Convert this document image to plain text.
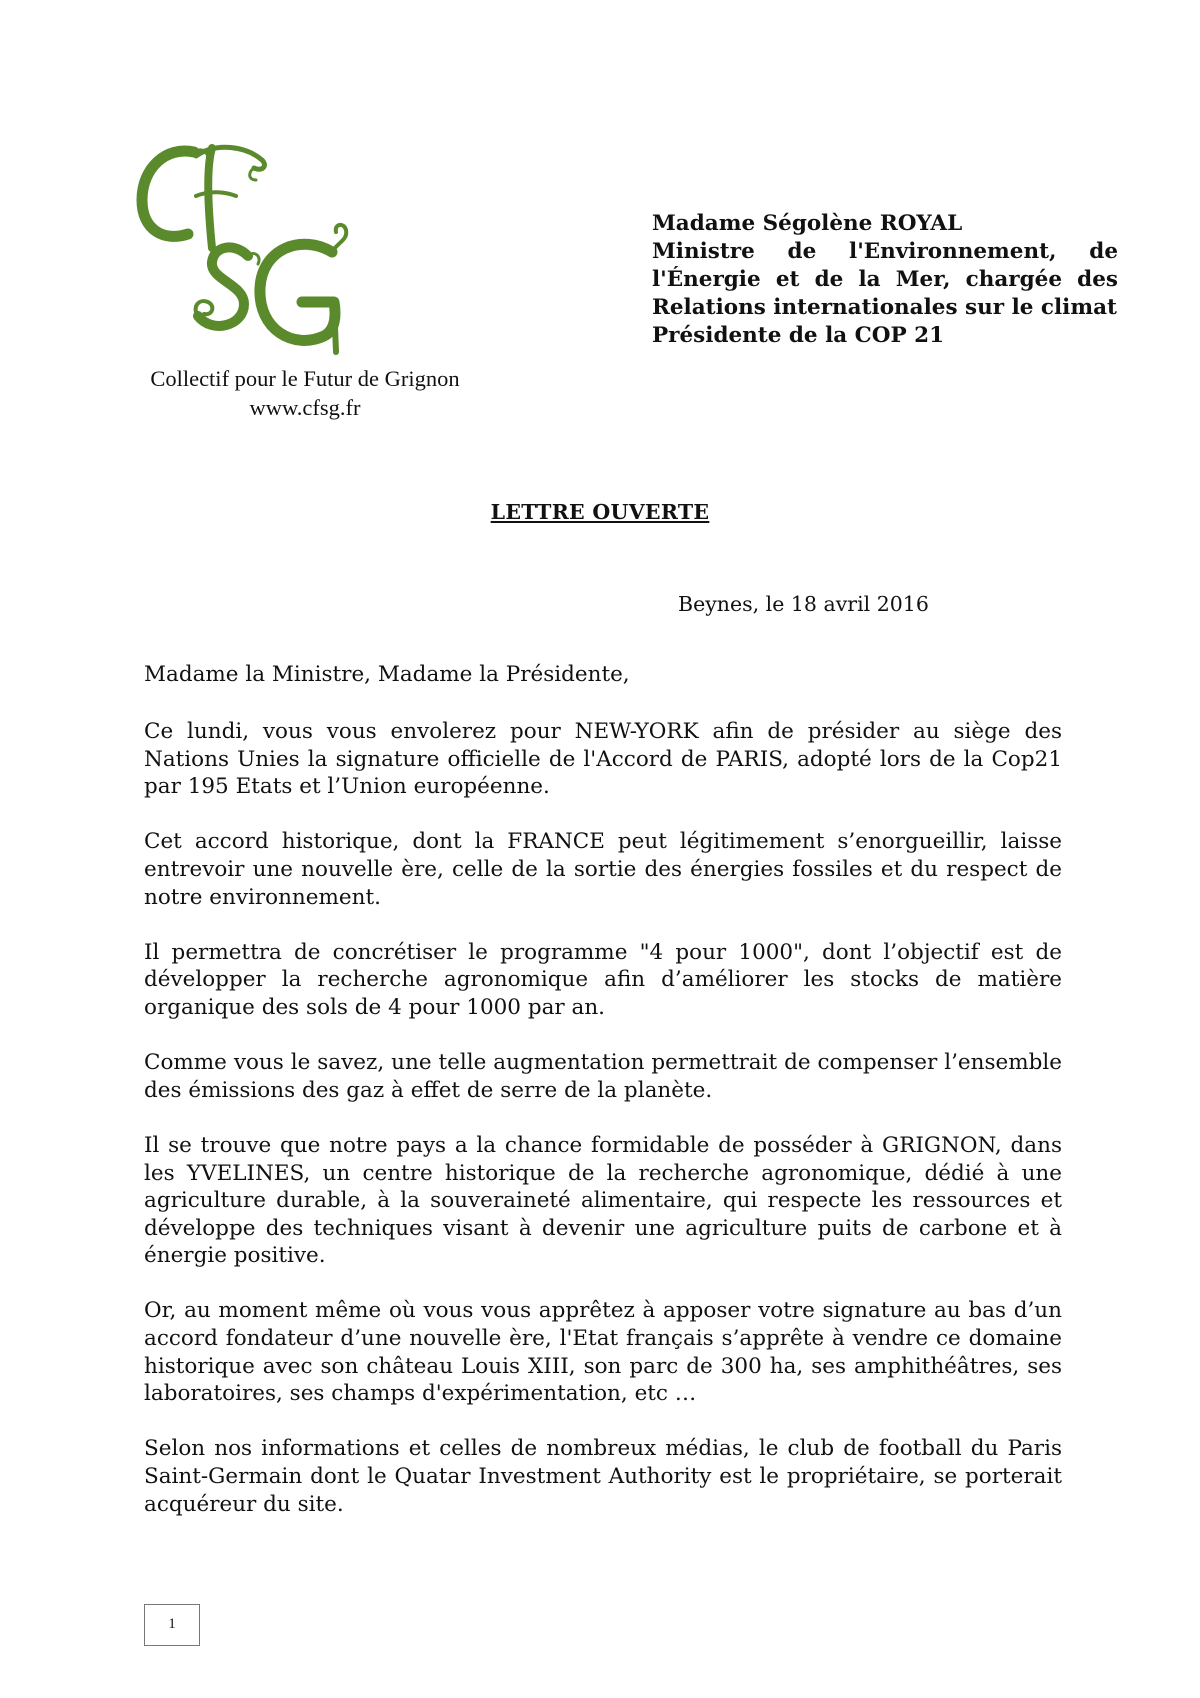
Collectif pour le Futur de Grignon
www.cfsg.fr
Madame Ségolène ROYAL
Ministre de l'Environnement, de l'Énergie et de la Mer, chargée des Relations internationales sur le climat
Présidente de la COP 21
LETTRE OUVERTE
Beynes, le 18 avril 2016
Madame la Ministre, Madame la Présidente,

Ce lundi, vous vous envolerez pour NEW-YORK afin de présider au siège des Nations Unies la signature officielle de l'Accord de PARIS, adopté lors de la Cop21 par 195 Etats et l’Union européenne.

Cet accord historique, dont la FRANCE peut légitimement s’enorgueillir, laisse entrevoir une nouvelle ère, celle de la sortie des énergies fossiles et du respect de notre environnement.

Il permettra de concrétiser le programme "4 pour 1000", dont l’objectif est de développer la recherche agronomique afin d’améliorer les stocks de matière organique des sols de 4 pour 1000 par an.

Comme vous le savez, une telle augmentation permettrait de compenser l’ensemble des émissions des gaz à effet de serre de la planète.

Il se trouve que notre pays a la chance formidable de posséder à GRIGNON, dans les YVELINES, un centre historique de la recherche agronomique, dédié à une agriculture durable, à la souveraineté alimentaire, qui respecte les ressources et développe des techniques visant à devenir une agriculture puits de carbone et à énergie positive.

Or, au moment même où vous vous apprêtez à apposer votre signature au bas d’un accord fondateur d’une nouvelle ère, l'Etat français s’apprête à vendre ce domaine historique avec son château Louis XIII, son parc de 300 ha, ses amphithéâtres, ses laboratoires, ses champs d'expérimentation, etc …

Selon nos informations et celles de nombreux médias, le club de football du Paris Saint-Germain dont le Quatar Investment Authority est le propriétaire, se porterait acquéreur du site.

1
